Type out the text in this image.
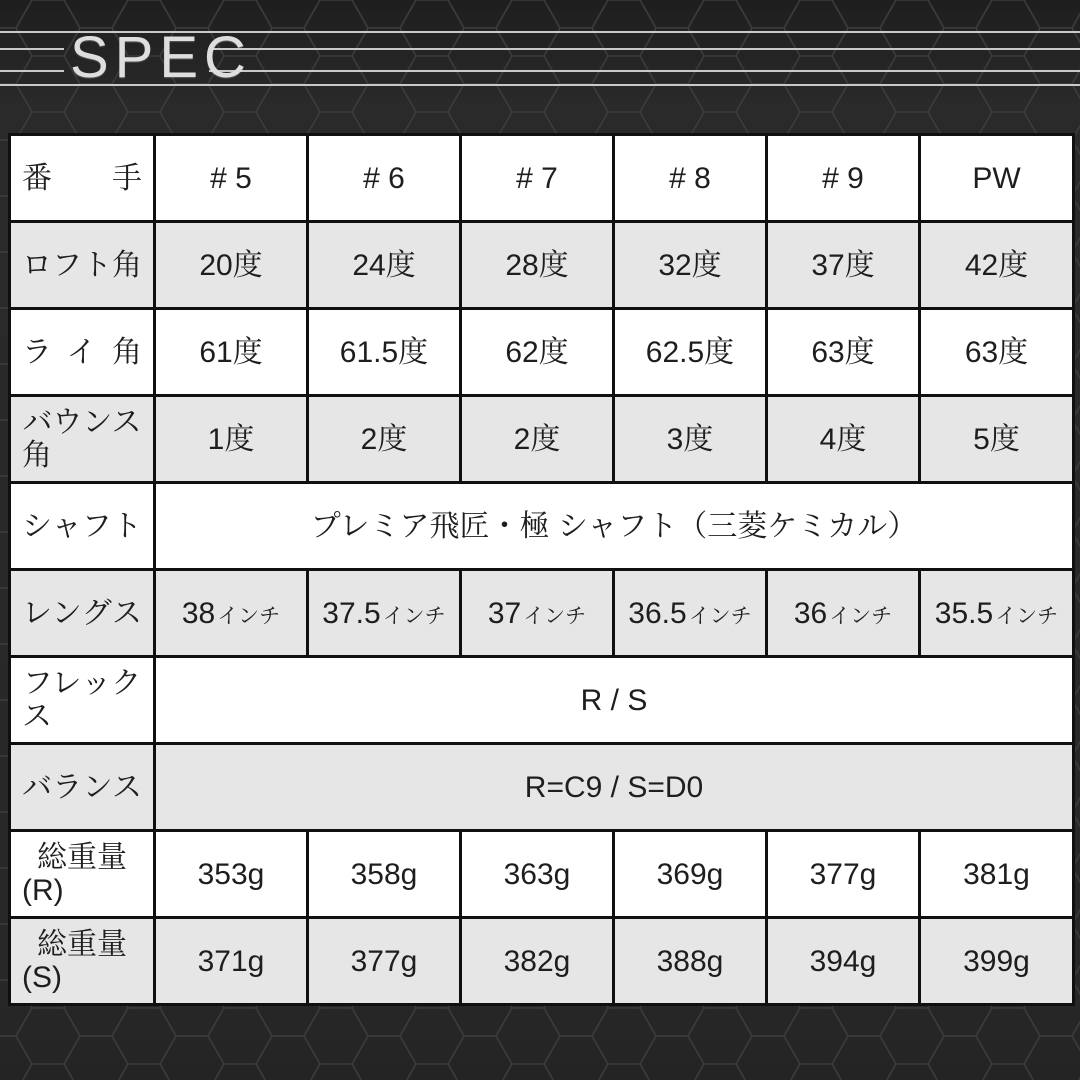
SPEC
番手	# 5	# 6	# 7	# 8	# 9	PW
ロフト角	20度	24度	28度	32度	37度	42度
ライ角	61度	61.5度	62度	62.5度	63度	63度
バウンス角	1度	2度	2度	3度	4度	5度
シャフト	プレミア飛匠・極 シャフト（三菱ケミカル）					
レングス	38インチ	37.5インチ	37インチ	36.5インチ	36インチ	35.5インチ
フレックス	R / S					
バランス	R=C9 / S=D0					
総重量(R)	353g	358g	363g	369g	377g	381g
総重量(S)	371g	377g	382g	388g	394g	399g
